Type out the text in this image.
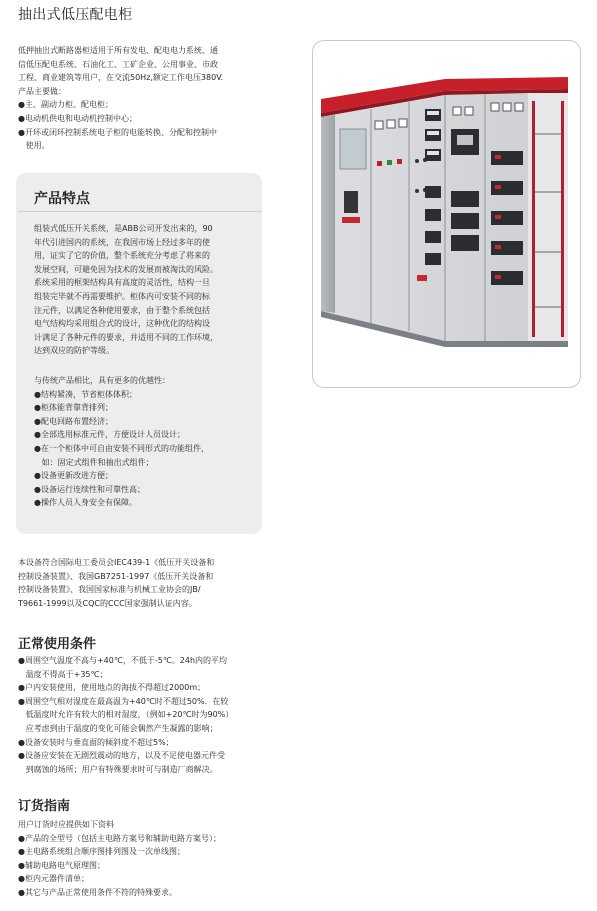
抽出式低压配电柜
低押抽出式断路器柜适用于所有发电、配电电力系统、通
信低压配电系统、石油化工、工矿企业、公用事业、市政
工程、商业建筑等用户，在交流50Hz,额定工作电压380V.
产品主要做：
●主、副动力柜、配电柜；
●电动机供电和电动机控制中心；
●开环或闭环控制系统电子柜的电能转换、分配和控制中
使用。
产品特点
组装式低压开关系统，是ABB公司开发出来的，90
年代引进国内的系统，在我国市场上经过多年的使
用，证实了它的价值，整个系统充分考虑了将来的
发展空间，可避免因为技术的发展而被淘汰的风险。
系统采用的框架结构具有高度的灵活性，结构一旦
组装完毕就不再需要维护。柜体内可安装不同的标
注元件，以满足各种使用要求，由于整个系统包括
电气结构均采用组合式的设计，这种优化的结构设
计满足了各种元件的要求，并适用不同的工作环境，
达到双应的防护等级。
与传统产品相比，具有更多的优越性：
●结构紧凑，节省柜体体积；
●柜体能背靠背排列；
●配电回路布置经济；
●全部选用标准元件，方便设计人员设计；
●在一个柜体中可自由安装不同形式的功能组件，
如：固定式组件和抽出式组件；
●设备更新改进方便；
●设备运行连续性和可靠性高；
●操作人员人身安全有保障。
本设备符合国际电工委员会IEC439-1《低压开关设备和
控制设备装置》、我国GB7251-1997《低压开关设备和
控制设备装置》、我国国家标准与机械工业协会的JB/
T9661-1999以及CQC的CCC国家强制认证内容。
正常使用条件
●周围空气温度不高与+40℃，不低于-5℃。24h内的平均
温度不得高于+35℃；
●户内安装使用，使用地点的海拔不得超过2000m；
●周围空气相对湿度在最高温为+40℃时不超过50%.  在较
低温度时允许有较大的相对湿度，（例如+20℃时为90%）
应考虑到由于温度的变化可能会偶然产生凝露的影响；
●设备安装时与垂直面的倾斜度不超过5%；
●设备应安装在无剧烈震动的地方，以及不足使电器元件受
到腐蚀的场所；用户有特殊要求时可与制造厂商解决。
订货指南
用户订货时应提供如下资料
●产品的全型号（包括主电路方案号和辅助电路方案号）；
●主电路系统组合顺序图排列图及一次单线图；
●辅助电路电气原理图；
●柜内元器件清单；
●其它与产品正常使用条件不符的特殊要求。
